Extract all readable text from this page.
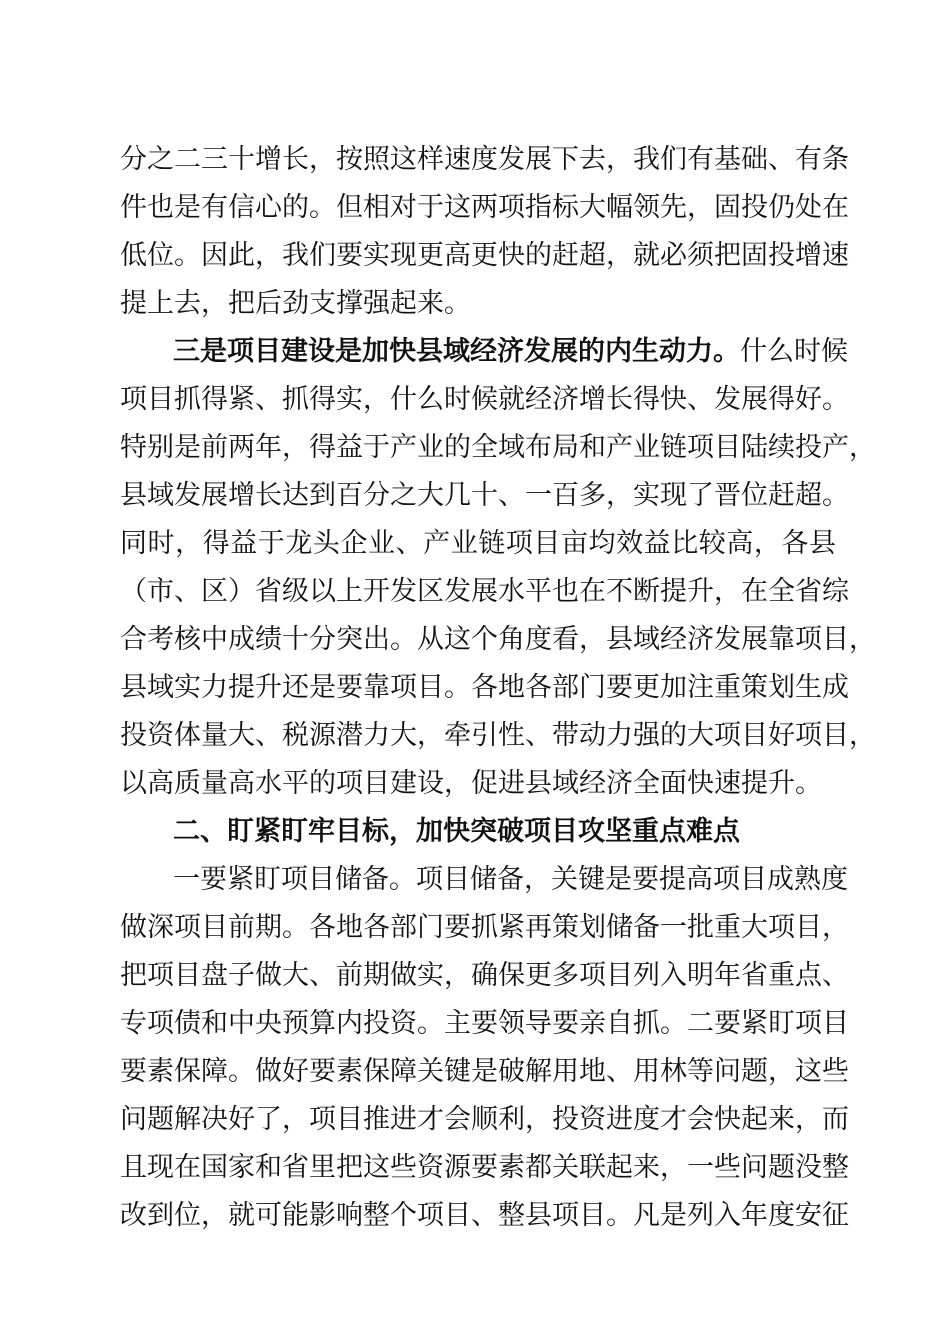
分之二三十增长，按照这样速度发展下去，我们有基础、有条
件也是有信心的。但相对于这两项指标大幅领先，固投仍处在
低位。因此，我们要实现更高更快的赶超，就必须把固投增速
提上去，把后劲支撑强起来。
三是项目建设是加快县域经济发展的内生动力。什么时候
项目抓得紧、抓得实，什么时候就经济增长得快、发展得好。
特别是前两年，得益于产业的全域布局和产业链项目陆续投产，
县域发展增长达到百分之大几十、一百多，实现了晋位赶超。
同时，得益于龙头企业、产业链项目亩均效益比较高，各县
（市、区）省级以上开发区发展水平也在不断提升，在全省综
合考核中成绩十分突出。从这个角度看，县域经济发展靠项目，
县域实力提升还是要靠项目。各地各部门要更加注重策划生成
投资体量大、税源潜力大，牵引性、带动力强的大项目好项目，
以高质量高水平的项目建设，促进县域经济全面快速提升。
二、盯紧盯牢目标，加快突破项目攻坚重点难点
一要紧盯项目储备。项目储备，关键是要提高项目成熟度
做深项目前期。各地各部门要抓紧再策划储备一批重大项目，
把项目盘子做大、前期做实，确保更多项目列入明年省重点、
专项债和中央预算内投资。主要领导要亲自抓。二要紧盯项目
要素保障。做好要素保障关键是破解用地、用林等问题，这些
问题解决好了，项目推进才会顺利，投资进度才会快起来，而
且现在国家和省里把这些资源要素都关联起来，一些问题没整
改到位，就可能影响整个项目、整县项目。凡是列入年度安征
